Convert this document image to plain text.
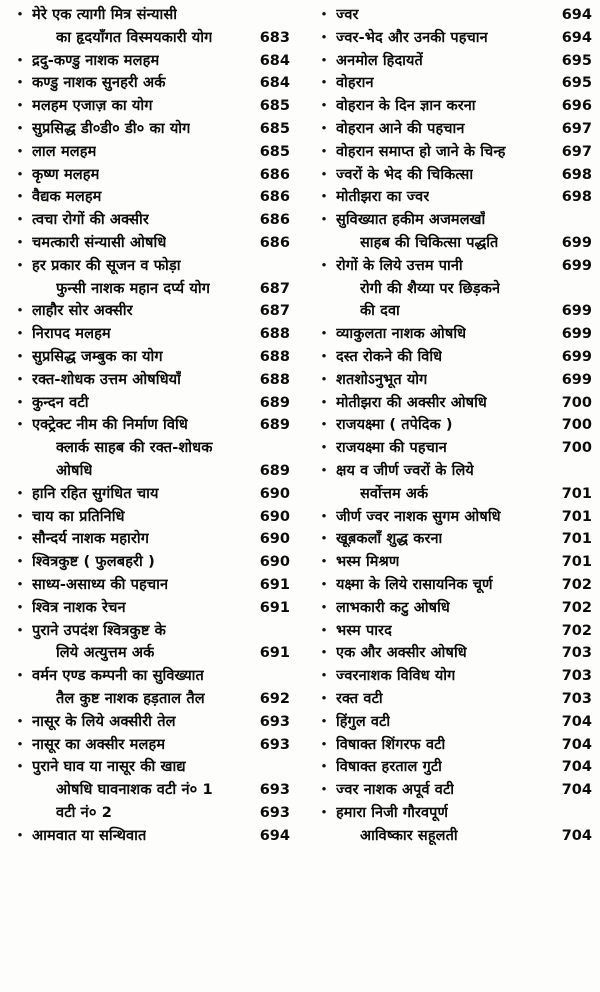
• मेरे एक त्यागी मित्र संन्यासी
का हृदयाँगत विस्मयकारी योग	683
• द्रदु-कण्डु नाशक मलहम	684
• कण्डु नाशक सुनहरी अर्क	684
• मलहम एजाज़ का योग	685
• सुप्रसिद्ध डी०डी० डी० का योग	685
• लाल मलहम	685
• कृष्ण मलहम	686
• वैद्यक मलहम	686
• त्वचा रोगों की अक्सीर	686
• चमत्कारी संन्यासी ओषधि	686
• हर प्रकार की सूजन व फोड़ा
फुन्सी नाशक महान दर्प्य योग	687
• लाहौर सोर अक्सीर	687
• निरापद मलहम	688
• सुप्रसिद्ध जम्बुक का योग	688
• रक्त-शोधक उत्तम ओषधियाँ	688
• कुन्दन वटी	689
• एक्ट्रेक्ट नीम की निर्माण विधि	689
क्लार्क साहब की रक्त-शोधक
ओषधि	689
• हानि रहित सुगंधित चाय	690
• चाय का प्रतिनिधि	690
• सौन्दर्य नाशक महारोग	690
• श्वित्रकुष्ट ( फुलबहरी )	690
• साध्य-असाध्य की पहचान	691
• श्वित्र नाशक रेचन	691
• पुराने उपदंश श्वित्रकुष्ट के
लिये अत्युत्तम अर्क	691
• वर्मन एण्ड कम्पनी का सुविख्यात
तैल कुष्ट नाशक हड़ताल तैल	692
• नासूर के लिये अक्सीरी तेल	693
• नासूर का अक्सीर मलहम	693
• पुराने घाव या नासूर की खाद्य
ओषधि घावनाशक वटी नं० 1	693
वटी नं० 2	693
• आमवात या सन्थिवात	694
• ज्वर	694
• ज्वर-भेद और उनकी पहचान	694
• अनमोल हिदायतें	695
• वोहरान	695
• वोहरान के दिन ज्ञान करना	696
• वोहरान आने की पहचान	697
• वोहरान समाप्त हो जाने के चिन्ह	697
• ज्वरों के भेद की चिकित्सा	698
• मोतीझरा का ज्वर	698
• सुविख्यात हकीम अजमलखाँ
साहब की चिकित्सा पद्धति	699
• रोगों के लिये उत्तम पानी	699
रोगी की शैय्या पर छिड़कने
की दवा	699
• व्याकुलता नाशक ओषधि	699
• दस्त रोकने की विधि	699
• शतशोऽनुभूत योग	699
• मोतीझरा की अक्सीर ओषधि	700
• राजयक्ष्मा ( तपेदिक )	700
• राजयक्ष्मा की पहचान	700
• क्षय व जीर्ण ज्वरों के लिये
सर्वोत्तम अर्क	701
• जीर्ण ज्वर नाशक सुगम ओषधि	701
• खूब़कलाँ शुद्ध करना	701
• भस्म मिश्रण	701
• यक्ष्मा के लिये रासायनिक चूर्ण	702
• लाभकारी कटु ओषधि	702
• भस्म पारद	702
• एक और अक्सीर ओषधि	703
• ज्वरनाशक विविध योग	703
• रक्त वटी	703
• हिंगुल वटी	704
• विषाक्त शिंगरफ वटी	704
• विषाक्त हरताल गुटी	704
• ज्वर नाशक अपूर्व वटी	704
• हमारा निजी गौरवपूर्ण
आविष्कार सहूलती	704
